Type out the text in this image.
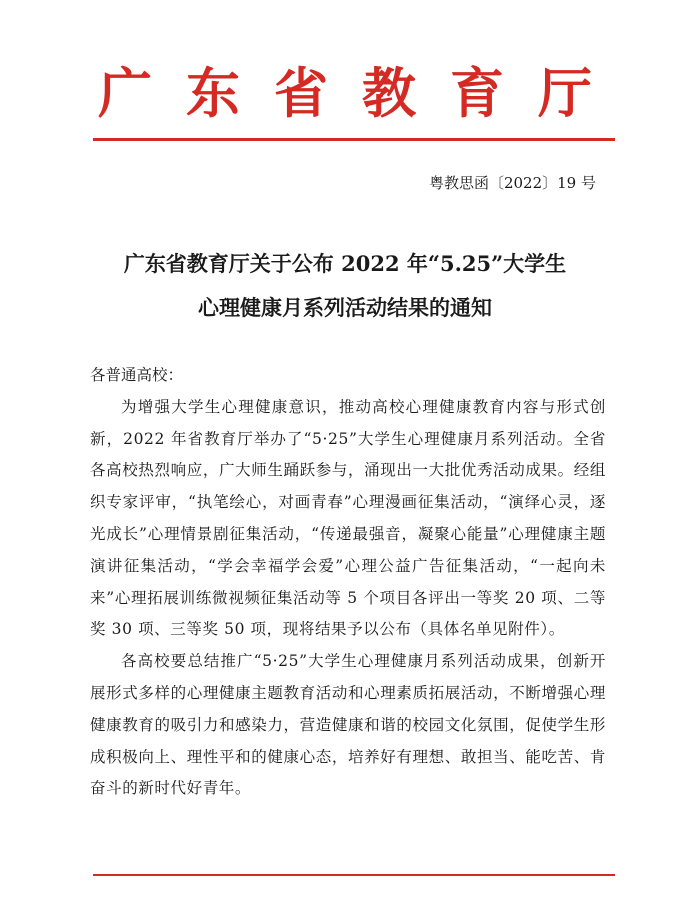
广东省教育厅
粤教思函〔2022〕19 号
广东省教育厅关于公布 2022 年“5.25”大学生
心理健康月系列活动结果的通知

各普通高校：

为增强大学生心理健康意识，推动高校心理健康教育内容与形式创新，2022 年省教育厅举办了“5·25”大学生心理健康月系列活动。全省各高校热烈响应，广大师生踊跃参与，涌现出一大批优秀活动成果。经组织专家评审，“执笔绘心，对画青春”心理漫画征集活动，“演绎心灵，逐光成长”心理情景剧征集活动，“传递最强音，凝聚心能量”心理健康主题演讲征集活动，“学会幸福学会爱”心理公益广告征集活动，“一起向未来”心理拓展训练微视频征集活动等 5 个项目各评出一等奖 20 项、二等奖 30 项、三等奖 50 项，现将结果予以公布（具体名单见附件）。

各高校要总结推广“5·25”大学生心理健康月系列活动成果，创新开展形式多样的心理健康主题教育活动和心理素质拓展活动，不断增强心理健康教育的吸引力和感染力，营造健康和谐的校园文化氛围，促使学生形成积极向上、理性平和的健康心态，培养好有理想、敢担当、能吃苦、肯奋斗的新时代好青年。
